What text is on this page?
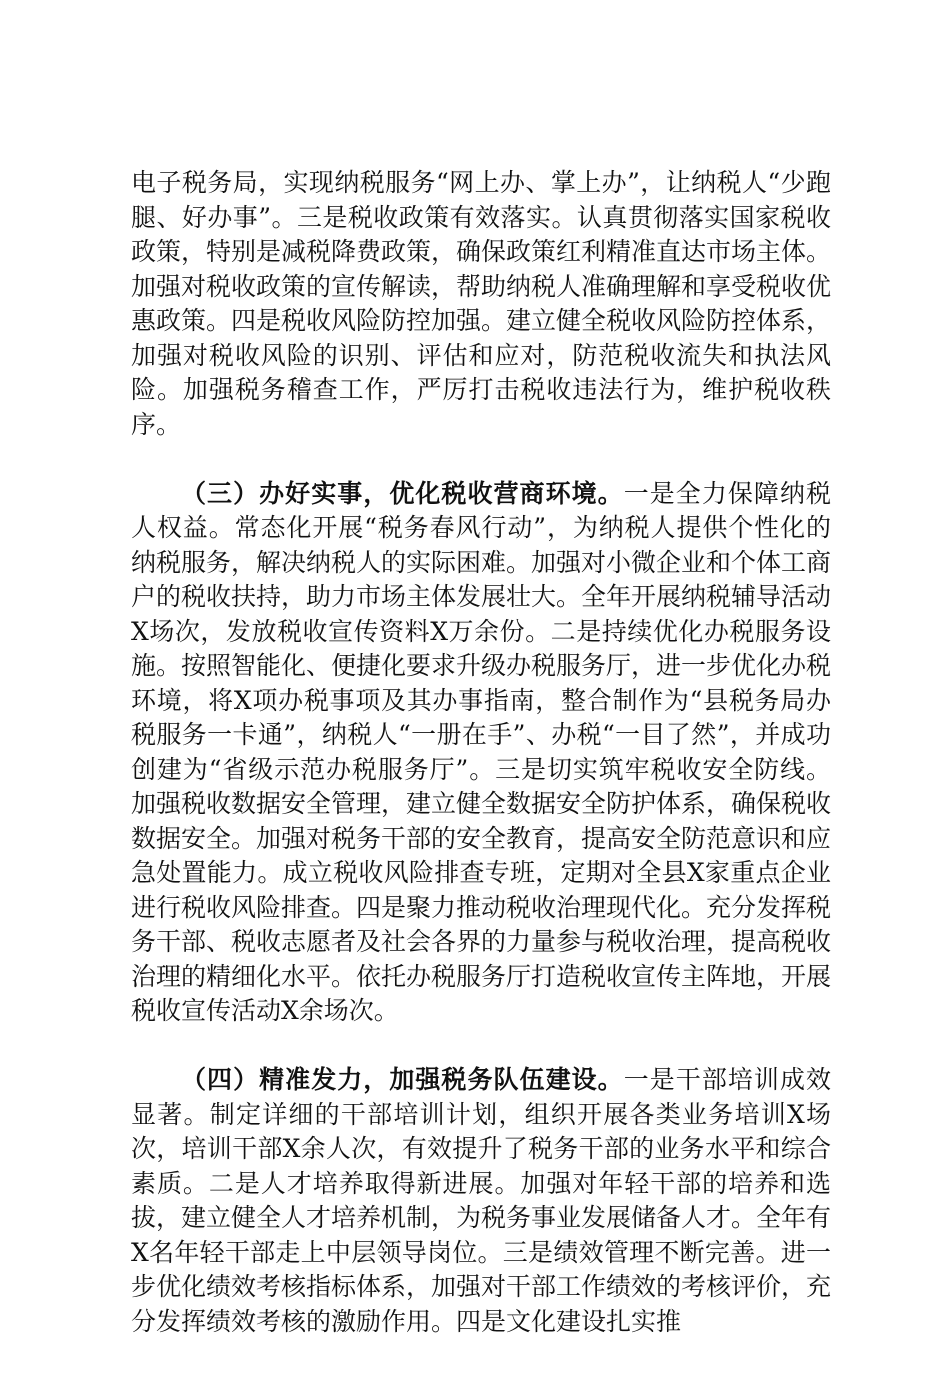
电子税务局，实现纳税服务“网上办、掌上办”，让纳税人“少跑腿、好办事”。三是税收政策有效落实。认真贯彻落实国家税收政策，特别是减税降费政策，确保政策红利精准直达市场主体。加强对税收政策的宣传解读，帮助纳税人准确理解和享受税收优惠政策。四是税收风险防控加强。建立健全税收风险防控体系，加强对税收风险的识别、评估和应对，防范税收流失和执法风险。加强税务稽查工作，严厉打击税收违法行为，维护税收秩序。

（三）办好实事，优化税收营商环境。一是全力保障纳税人权益。常态化开展“税务春风行动”，为纳税人提供个性化的纳税服务，解决纳税人的实际困难。加强对小微企业和个体工商户的税收扶持，助力市场主体发展壮大。全年开展纳税辅导活动X场次，发放税收宣传资料X万余份。二是持续优化办税服务设施。按照智能化、便捷化要求升级办税服务厅，进一步优化办税环境，将X项办税事项及其办事指南，整合制作为“县税务局办税服务一卡通”，纳税人“一册在手”、办税“一目了然”，并成功创建为“省级示范办税服务厅”。三是切实筑牢税收安全防线。加强税收数据安全管理，建立健全数据安全防护体系，确保税收数据安全。加强对税务干部的安全教育，提高安全防范意识和应急处置能力。成立税收风险排查专班，定期对全县X家重点企业进行税收风险排查。四是聚力推动税收治理现代化。充分发挥税务干部、税收志愿者及社会各界的力量参与税收治理，提高税收治理的精细化水平。依托办税服务厅打造税收宣传主阵地，开展税收宣传活动X余场次。

（四）精准发力，加强税务队伍建设。一是干部培训成效显著。制定详细的干部培训计划，组织开展各类业务培训X场次，培训干部X余人次，有效提升了税务干部的业务水平和综合素质。二是人才培养取得新进展。加强对年轻干部的培养和选拔，建立健全人才培养机制，为税务事业发展储备人才。全年有X名年轻干部走上中层领导岗位。三是绩效管理不断完善。进一步优化绩效考核指标体系，加强对干部工作绩效的考核评价，充分发挥绩效考核的激励作用。四是文化建设扎实推
